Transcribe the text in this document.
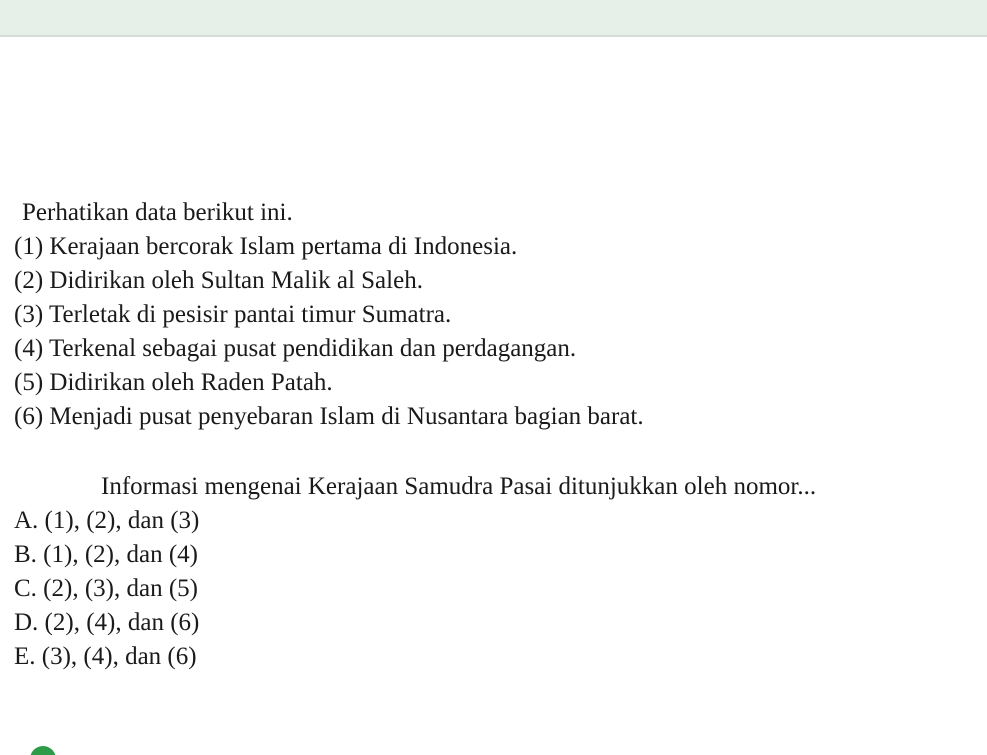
Perhatikan data berikut ini.

(1) Kerajaan bercorak Islam pertama di Indonesia.

(2) Didirikan oleh Sultan Malik al Saleh.

(3) Terletak di pesisir pantai timur Sumatra.

(4) Terkenal sebagai pusat pendidikan dan perdagangan.

(5) Didirikan oleh Raden Patah.

(6) Menjadi pusat penyebaran Islam di Nusantara bagian barat.

Informasi mengenai Kerajaan Samudra Pasai ditunjukkan oleh nomor...

A. (1), (2), dan (3)

B. (1), (2), dan (4)

C. (2), (3), dan (5)

D. (2), (4), dan (6)

E. (3), (4), dan (6)
